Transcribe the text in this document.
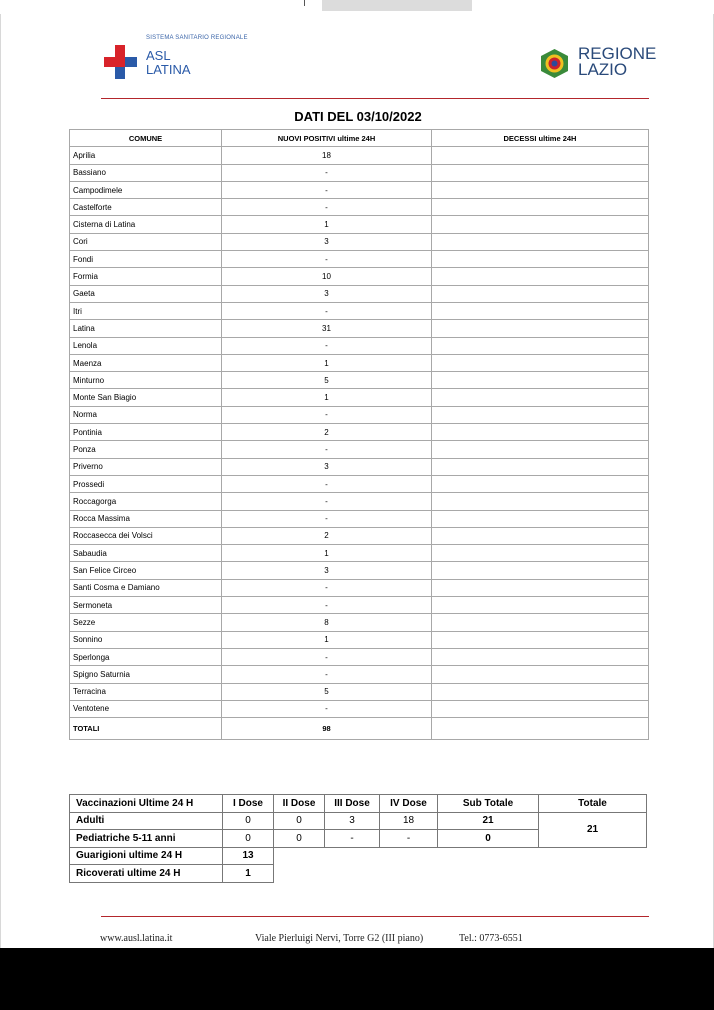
SISTEMA SANITARIO REGIONALE
ASL
LATINA
REGIONE
LAZIO
DATI DEL 03/10/2022
COMUNE	NUOVI POSITIVI ultime 24H	DECESSI ultime 24H
Aprilia	18	
Bassiano	-	
Campodimele	-	
Castelforte	-	
Cisterna di Latina	1	
Cori	3	
Fondi	-	
Formia	10	
Gaeta	3	
Itri	-	
Latina	31	
Lenola	-	
Maenza	1	
Minturno	5	
Monte San Biagio	1	
Norma	-	
Pontinia	2	
Ponza	-	
Priverno	3	
Prossedi	-	
Roccagorga	-	
Rocca Massima	-	
Roccasecca dei Volsci	2	
Sabaudia	1	
San Felice Circeo	3	
Santi Cosma e Damiano	-	
Sermoneta	-	
Sezze	8	
Sonnino	1	
Sperlonga	-	
Spigno Saturnia	-	
Terracina	5	
Ventotene	-	
TOTALI	98	
Vaccinazioni Ultime 24 H	I Dose	II Dose	III Dose	IV Dose	Sub Totale	Totale
Adulti	0	0	3	18	21	21
Pediatriche 5-11 anni	0	0	-	-	0	
Guarigioni ultime 24 H	13					
Ricoverati ultime 24 H	1					
www.ausl.latina.it	Viale Pierluigi Nervi, Torre G2 (III piano)	Tel.: 0773-6551
